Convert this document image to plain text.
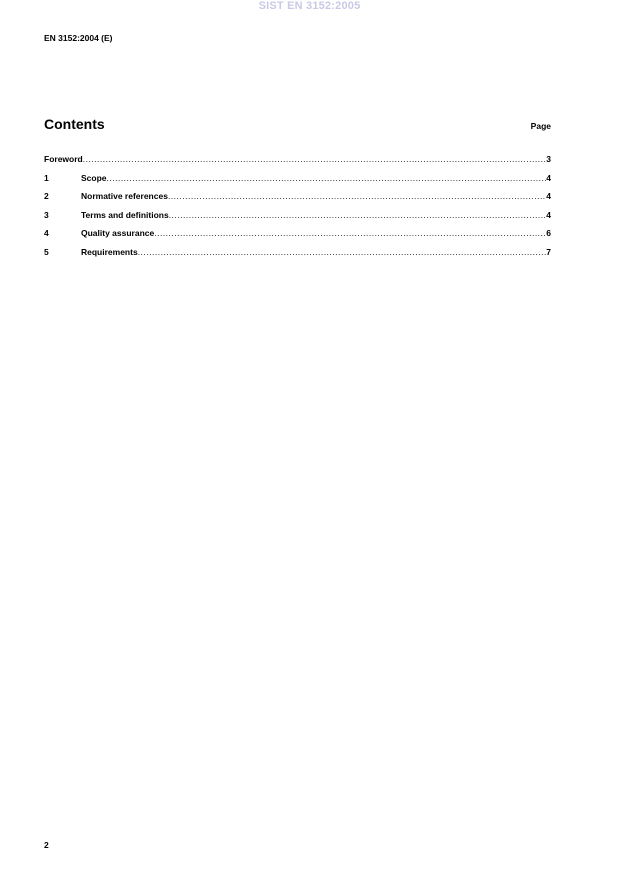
SIST EN 3152:2005
EN 3152:2004 (E)
Contents	Page
Foreword .....	3
1	Scope .....	4
2	Normative references .....	4
3	Terms and definitions .....	4
4	Quality assurance .....	6
5	Requirements .....	7
2
